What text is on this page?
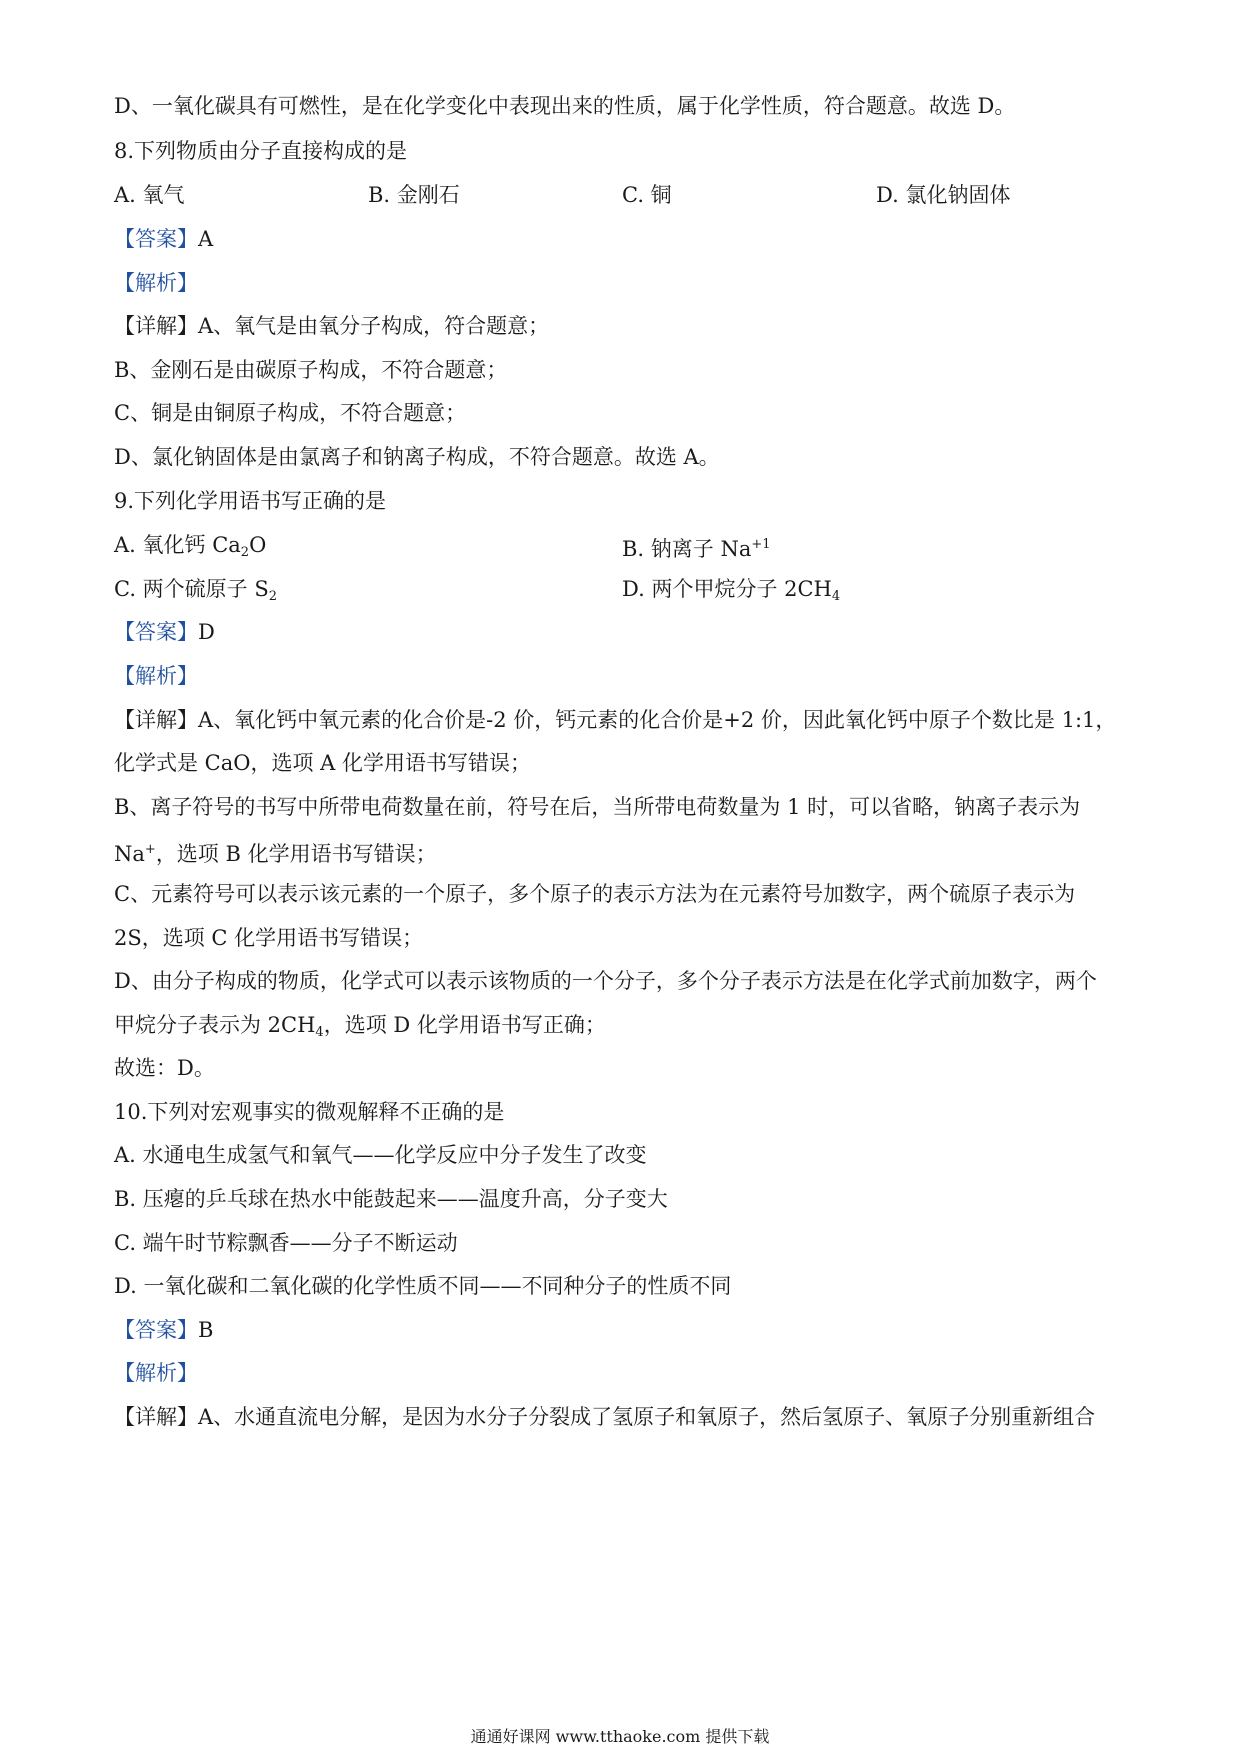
D、一氧化碳具有可燃性，是在化学变化中表现出来的性质，属于化学性质，符合题意。故选 D。
8.下列物质由分子直接构成的是
A. 氧气	B. 金刚石	C. 铜	D. 氯化钠固体
【答案】A
【解析】
【详解】A、氧气是由氧分子构成，符合题意；
B、金刚石是由碳原子构成，不符合题意；
C、铜是由铜原子构成，不符合题意；
D、氯化钠固体是由氯离子和钠离子构成，不符合题意。故选 A。
9.下列化学用语书写正确的是
A. 氧化钙 $Ca_2O$	B. 钠离子 $Na^{+1}$
C. 两个硫原子 $S_2$	D. 两个甲烷分子 $2CH_4$
【答案】D
【解析】
【详解】A、氧化钙中氧元素的化合价是-2 价，钙元素的化合价是+2 价，因此氧化钙中原子个数比是 1:1，
化学式是 CaO，选项 A 化学用语书写错误；
B、离子符号的书写中所带电荷数量在前，符号在后，当所带电荷数量为 1 时，可以省略，钠离子表示为
Na+，选项 B 化学用语书写错误；
C、元素符号可以表示该元素的一个原子，多个原子的表示方法为在元素符号加数字，两个硫原子表示为
2S，选项 C 化学用语书写错误；
D、由分子构成的物质，化学式可以表示该物质的一个分子，多个分子表示方法是在化学式前加数字，两个
甲烷分子表示为 $2CH_4$，选项 D 化学用语书写正确；
故选：D。
10.下列对宏观事实的微观解释不正确的是
A. 水通电生成氢气和氧气——化学反应中分子发生了改变
B. 压瘪的乒乓球在热水中能鼓起来——温度升高，分子变大
C. 端午时节粽飘香——分子不断运动
D. 一氧化碳和二氧化碳的化学性质不同——不同种分子的性质不同
【答案】B
【解析】
【详解】A、水通直流电分解，是因为水分子分裂成了氢原子和氧原子，然后氢原子、氧原子分别重新组合
通通好课网 www.tthaoke.com 提供下载
